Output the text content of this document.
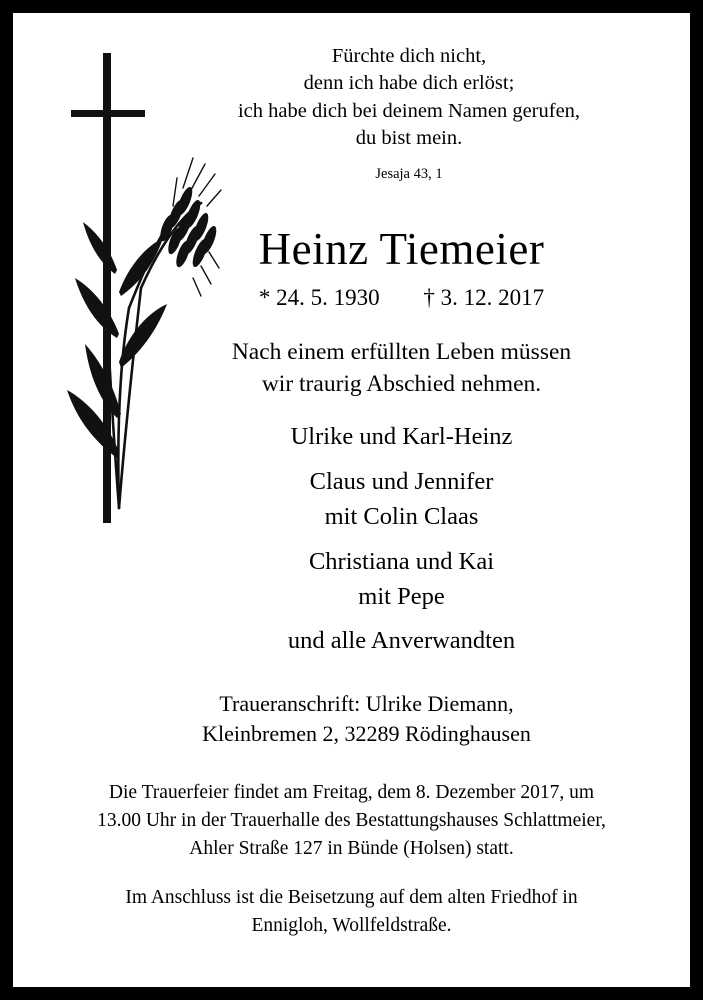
Fürchte dich nicht,
denn ich habe dich erlöst;
ich habe dich bei deinem Namen gerufen,
du bist mein.
Jesaja 43, 1
Heinz Tiemeier
* 24. 5. 1930 † 3. 12. 2017
Nach einem erfüllten Leben müssen
wir traurig Abschied nehmen.
Ulrike und Karl-Heinz
Claus und Jennifer
mit Colin Claas
Christiana und Kai
mit Pepe
und alle Anverwandten
Traueranschrift: Ulrike Diemann,
Kleinbremen 2, 32289 Rödinghausen
Die Trauerfeier findet am Freitag, dem 8. Dezember 2017, um
13.00 Uhr in der Trauerhalle des Bestattungshauses Schlattmeier,
Ahler Straße 127 in Bünde (Holsen) statt.
Im Anschluss ist die Beisetzung auf dem alten Friedhof in
Ennigloh, Wollfeldstraße.
